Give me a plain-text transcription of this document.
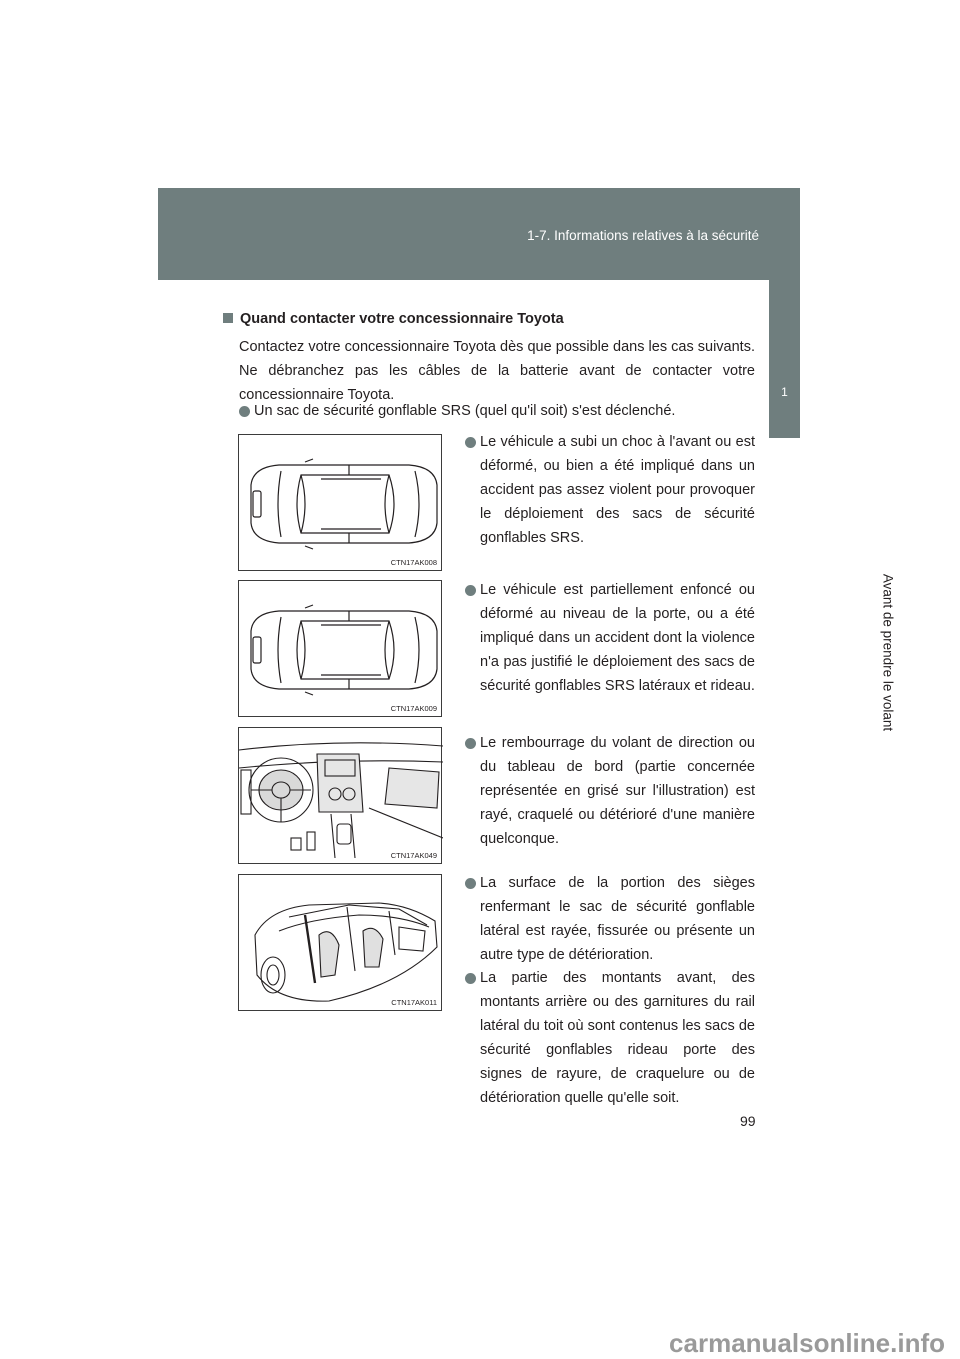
1-7. Informations relatives à la sécurité
1
Avant de prendre le volant
Quand contacter votre concessionnaire Toyota
Contactez votre concessionnaire Toyota dès que possible dans les cas suivants. Ne débranchez pas les câbles de la batterie avant de contacter votre concessionnaire Toyota.
Un sac de sécurité gonflable SRS (quel qu'il soit) s'est déclenché.
Le véhicule a subi un choc à l'avant ou est déformé, ou bien a été impliqué dans un accident pas assez violent pour provoquer le déploiement des sacs de sécurité gonflables SRS.
Le véhicule est partiellement enfoncé ou déformé au niveau de la porte, ou a été impliqué dans un accident dont la violence n'a pas justifié le déploiement des sacs de sécurité gonflables SRS latéraux et rideau.
Le rembourrage du volant de direction ou du tableau de bord (partie concernée représentée en grisé sur l'illustration) est rayé, craquelé ou détérioré d'une manière quelconque.
La surface de la portion des sièges renfermant le sac de sécurité gonflable latéral est rayée, fissurée ou présente un autre type de détérioration.
La partie des montants avant, des montants arrière ou des garnitures du rail latéral du toit où sont contenus les sacs de sécurité gonflables rideau porte des signes de rayure, de craquelure ou de détérioration quelle qu'elle soit.
CTN17AK008
CTN17AK009
CTN17AK049
CTN17AK011
99
carmanualsonline.info
